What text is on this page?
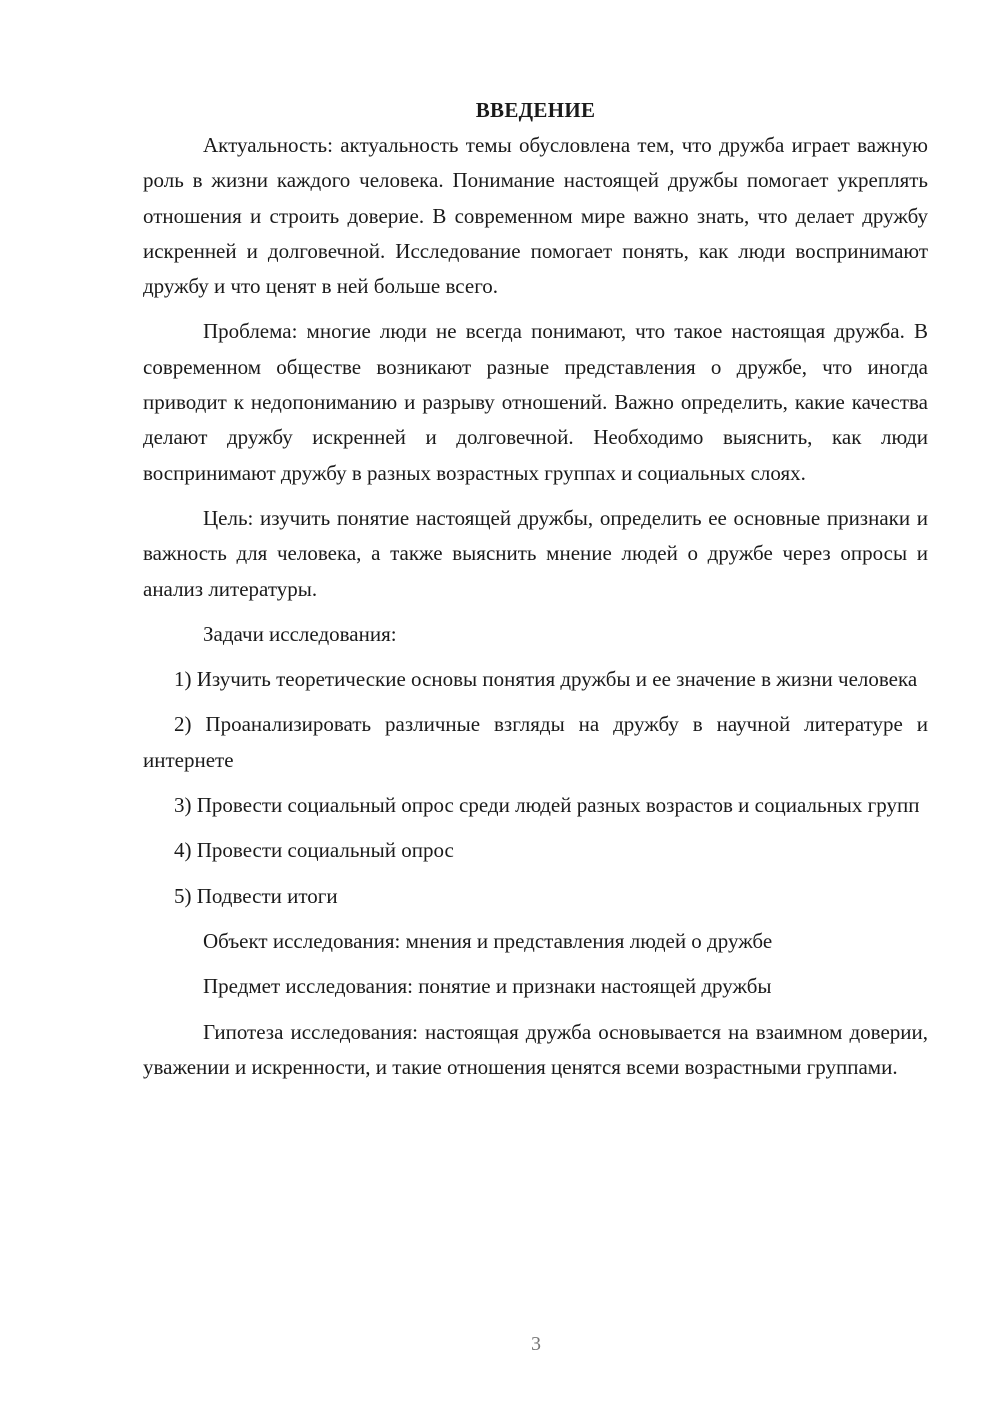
ВВЕДЕНИЕ

Актуальность: актуальность темы обусловлена тем, что дружба играет важную роль в жизни каждого человека. Понимание настоящей дружбы помогает укреплять отношения и строить доверие. В современном мире важно знать, что делает дружбу искренней и долговечной. Исследование помогает понять, как люди воспринимают дружбу и что ценят в ней больше всего.

Проблема: многие люди не всегда понимают, что такое настоящая дружба. В современном обществе возникают разные представления о дружбе, что иногда приводит к недопониманию и разрыву отношений. Важно определить, какие качества делают дружбу искренней и долговечной. Необходимо выяснить, как люди воспринимают дружбу в разных возрастных группах и социальных слоях.

Цель: изучить понятие настоящей дружбы, определить ее основные признаки и важность для человека, а также выяснить мнение людей о дружбе через опросы и анализ литературы.

Задачи исследования:

1) Изучить теоретические основы понятия дружбы и ее значение в жизни человека

2) Проанализировать различные взгляды на дружбу в научной литературе и интернете

3) Провести социальный опрос среди людей разных возрастов и социальных групп

4) Провести социальный опрос

5) Подвести итоги

Объект исследования: мнения и представления людей о дружбе

Предмет исследования: понятие и признаки настоящей дружбы

Гипотеза исследования: настоящая дружба основывается на взаимном доверии, уважении и искренности, и такие отношения ценятся всеми возрастными группами.

3
